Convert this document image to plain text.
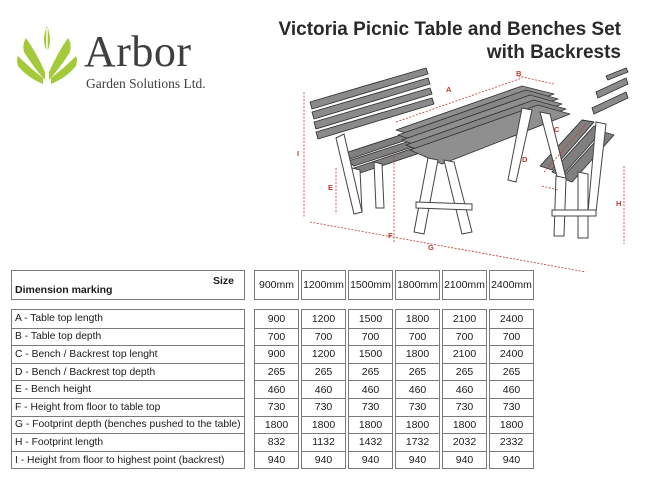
Arbor
Garden Solutions Ltd.
Victoria Picnic Table and Benches Set
with Backrests
A
B
C
D
E
F
G
H
I
Size
Dimension marking
A - Table top length
B - Table top depth
C - Bench / Backrest top lenght
D - Bench / Backrest top depth
E - Bench height
F - Height from floor to table top
G - Footprint depth (benches pushed to the table)
H - Footprint length
I - Height from floor to highest point (backrest)
900mm 1200mm 1500mm 1800mm 2100mm 2400mm
900
700
900
265
460
730
1800
832
940
1200
700
1200
265
460
730
1800
1132
940
1500
700
1500
265
460
730
1800
1432
940
1800
700
1800
265
460
730
1800
1732
940
2100
700
2100
265
460
730
1800
2032
940
2400
700
2400
265
460
730
1800
2332
940
